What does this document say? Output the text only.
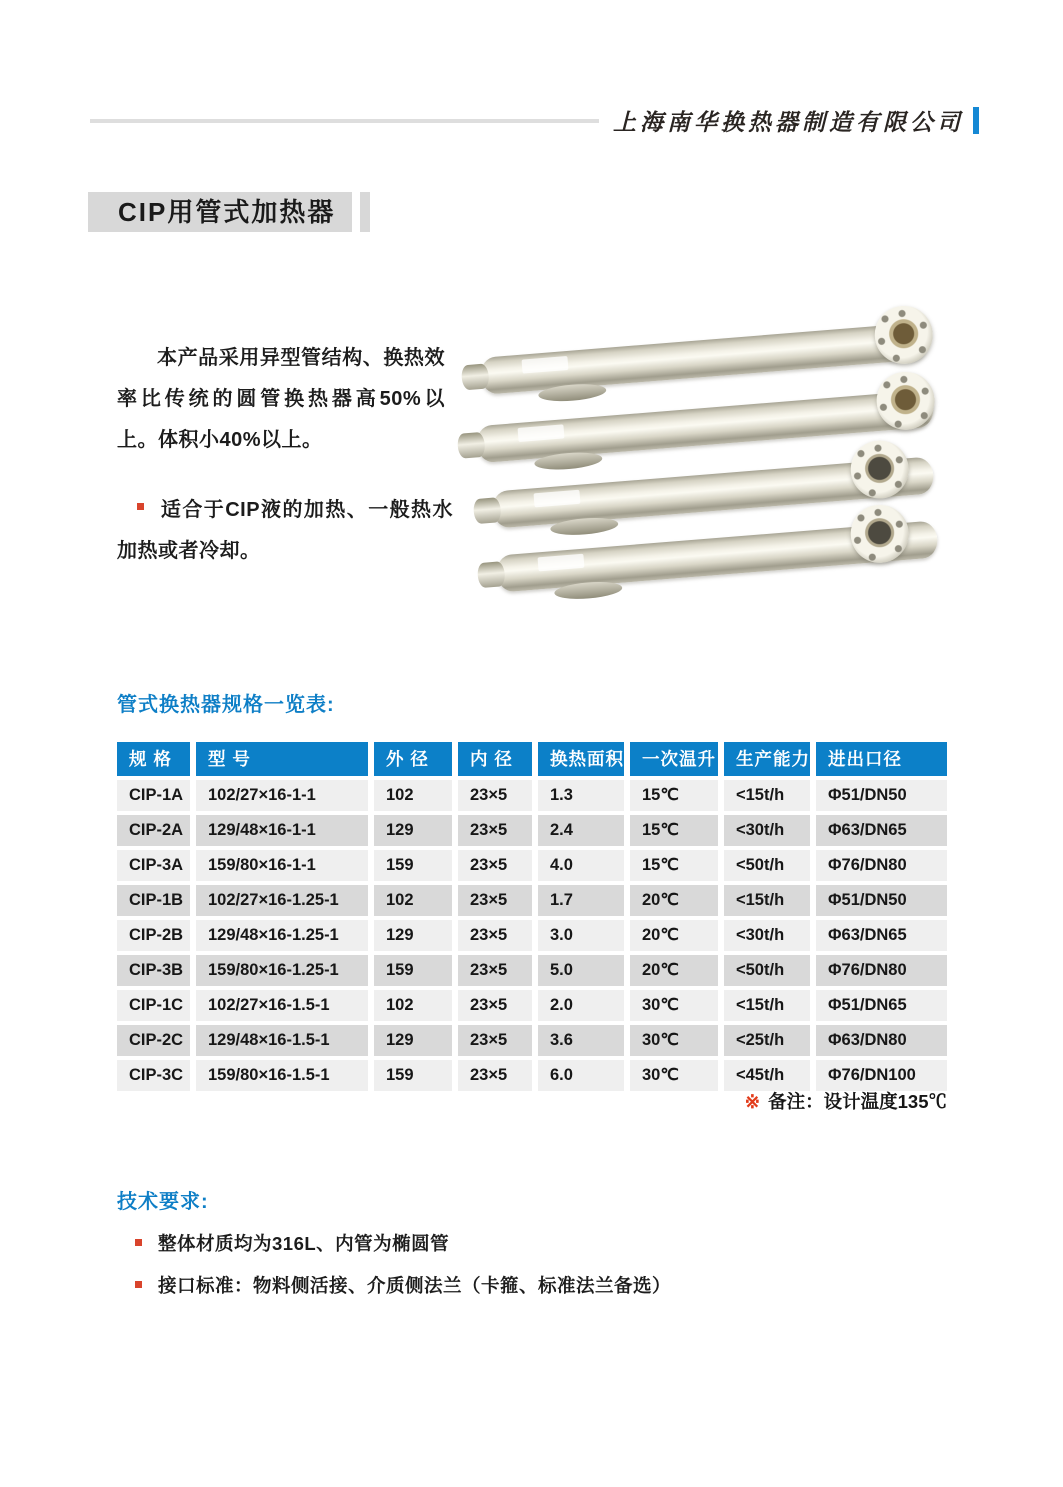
上海南华换热器制造有限公司
CIP用管式加热器

本产品采用异型管结构、换热效率比传统的圆管换热器高50%以上。体积小40%以上。

适合于CIP液的加热、一般热水加热或者冷却。

管式换热器规格一览表:
规 格	型 号	外 径	内 径	换热面积	一次温升	生产能力	进出口径
CIP-1A	102/27×16-1-1	102	23×5	1.3	15℃	<15t/h	Φ51/DN50
CIP-2A	129/48×16-1-1	129	23×5	2.4	15℃	<30t/h	Φ63/DN65
CIP-3A	159/80×16-1-1	159	23×5	4.0	15℃	<50t/h	Φ76/DN80
CIP-1B	102/27×16-1.25-1	102	23×5	1.7	20℃	<15t/h	Φ51/DN50
CIP-2B	129/48×16-1.25-1	129	23×5	3.0	20℃	<30t/h	Φ63/DN65
CIP-3B	159/80×16-1.25-1	159	23×5	5.0	20℃	<50t/h	Φ76/DN80
CIP-1C	102/27×16-1.5-1	102	23×5	2.0	30℃	<15t/h	Φ51/DN65
CIP-2C	129/48×16-1.5-1	129	23×5	3.6	30℃	<25t/h	Φ63/DN80
CIP-3C	159/80×16-1.5-1	159	23×5	6.0	30℃	<45t/h	Φ76/DN100
※ 备注：设计温度135℃
技术要求:
整体材质均为316L、内管为椭圆管
接口标准：物料侧活接、介质侧法兰（卡箍、标准法兰备选）
